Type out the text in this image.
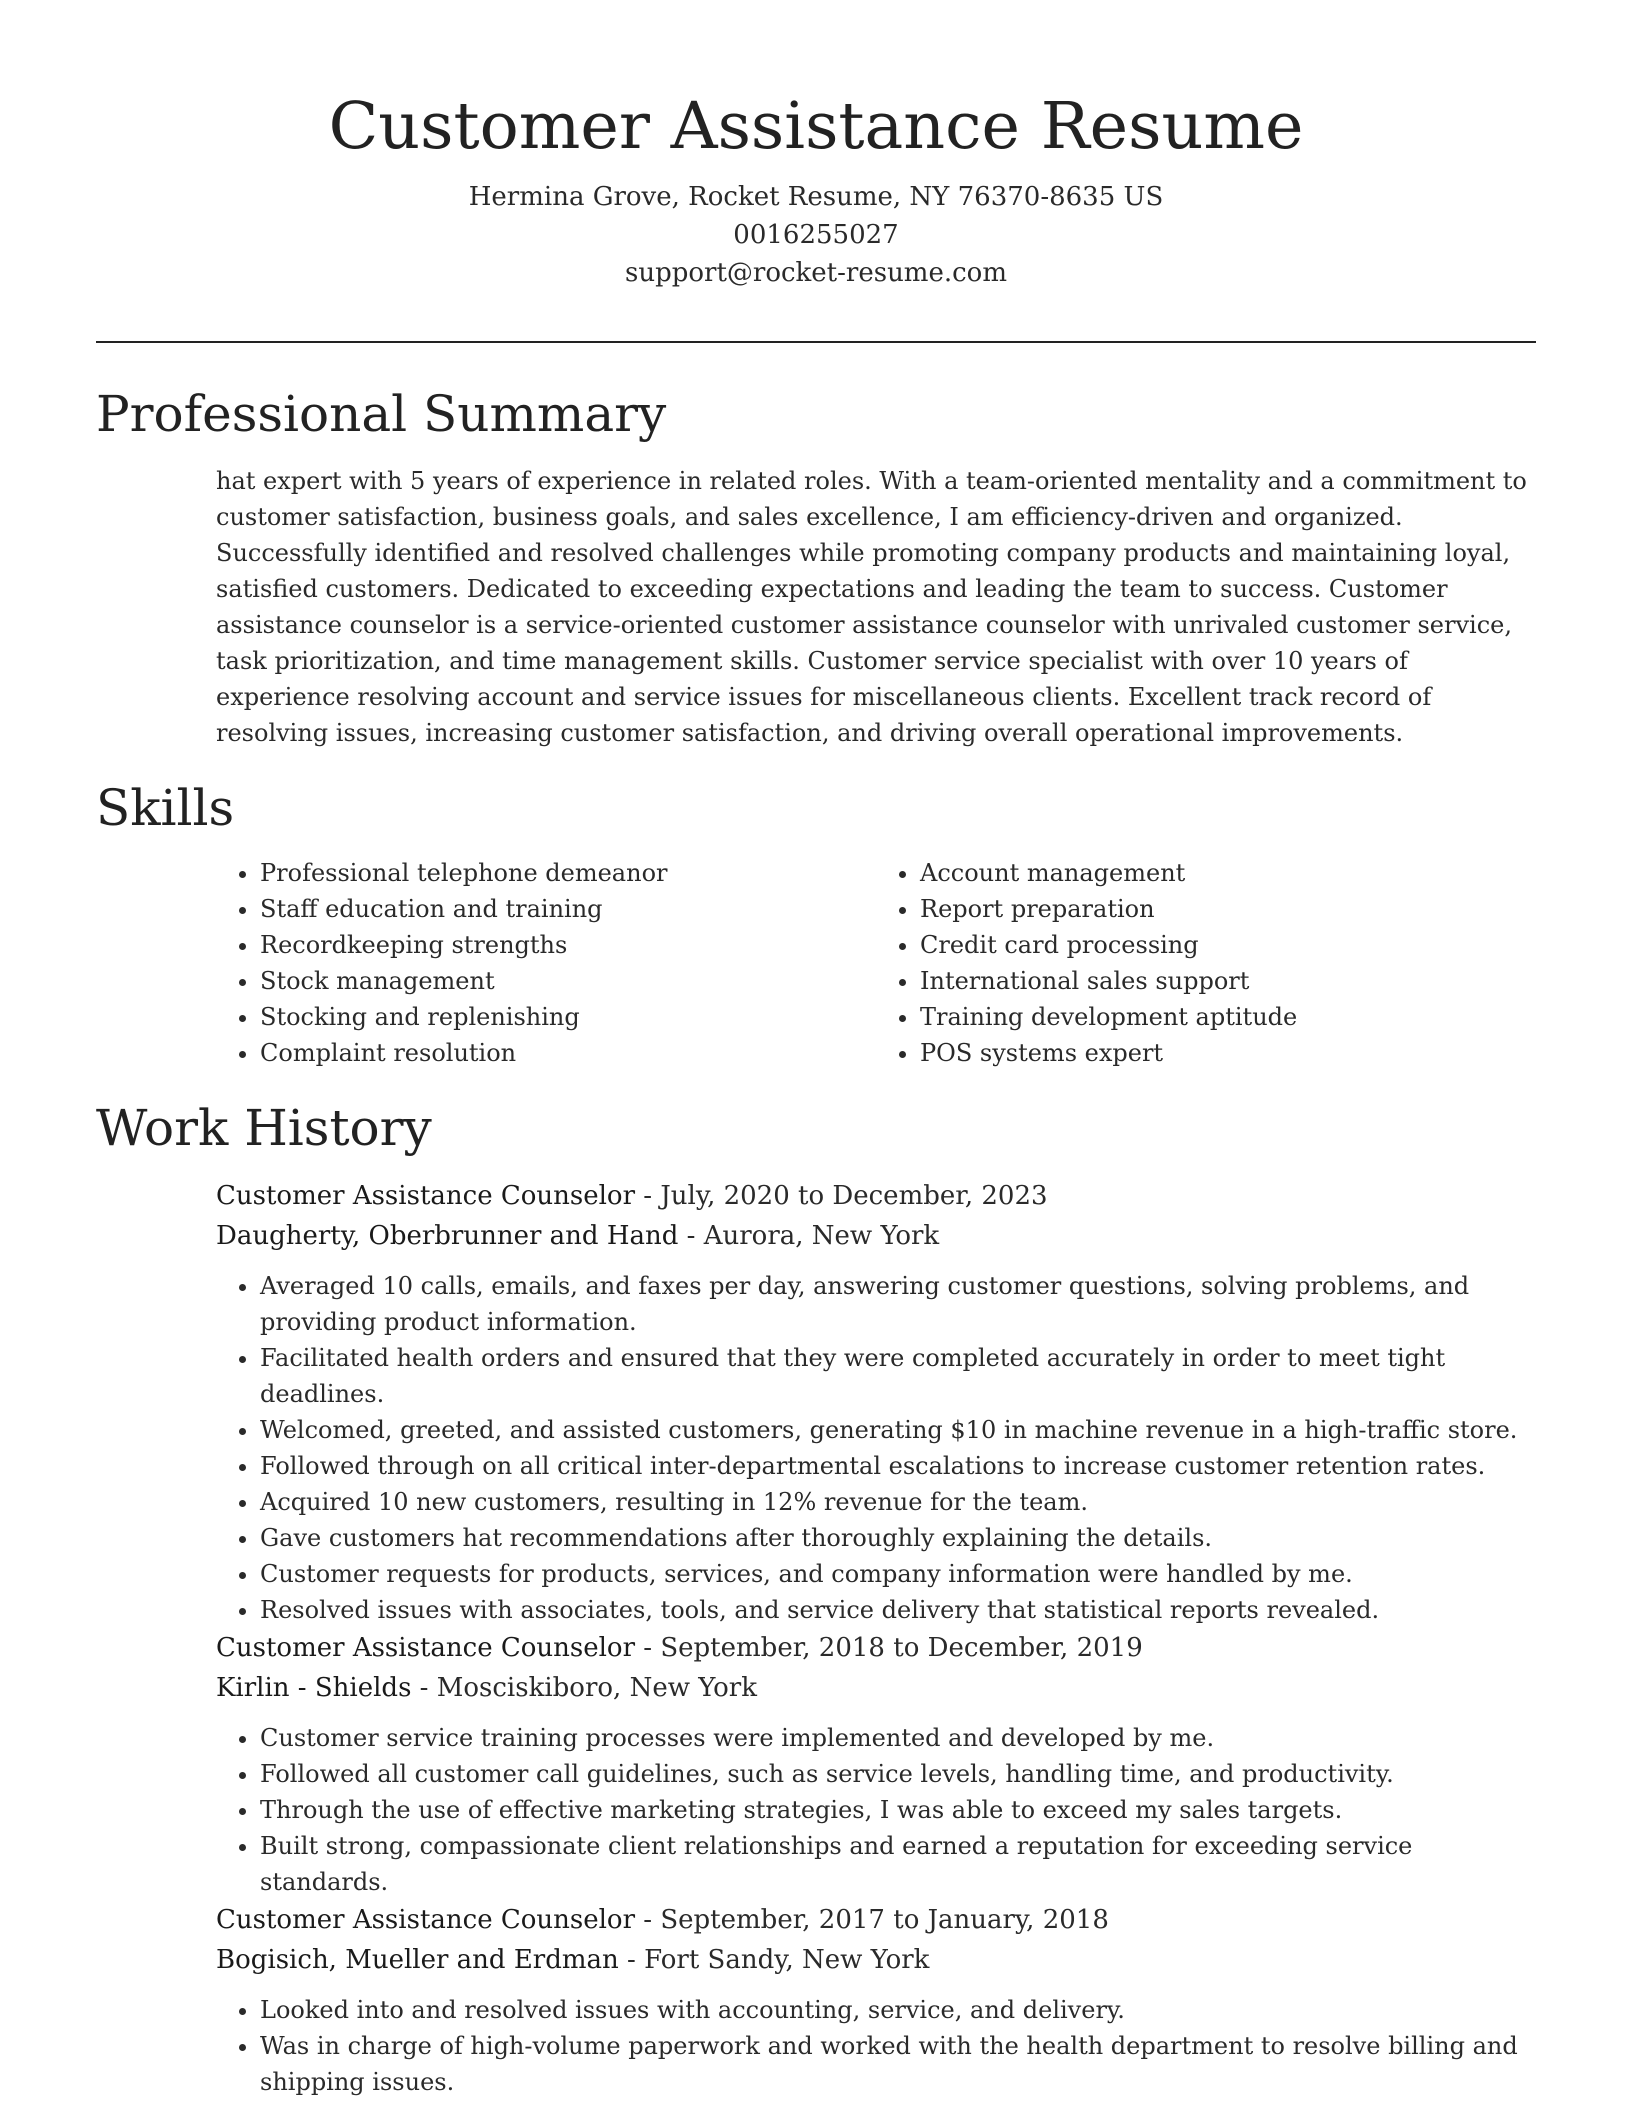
Customer Assistance Resume
Hermina Grove, Rocket Resume, NY 76370-8635 US
0016255027
support@rocket-resume.com
Professional Summary

hat expert with 5 years of experience in related roles. With a team-oriented mentality and a commitment to customer satisfaction, business goals, and sales excellence, I am efficiency-driven and organized. Successfully identified and resolved challenges while promoting company products and maintaining loyal, satisfied customers. Dedicated to exceeding expectations and leading the team to success. Customer assistance counselor is a service-oriented customer assistance counselor with unrivaled customer service, task prioritization, and time management skills. Customer service specialist with over 10 years of experience resolving account and service issues for miscellaneous clients. Excellent track record of resolving issues, increasing customer satisfaction, and driving overall operational improvements.

Skills
• Professional telephone demeanor
• Staff education and training
• Recordkeeping strengths
• Stock management
• Stocking and replenishing
• Complaint resolution
• Account management
• Report preparation
• Credit card processing
• International sales support
• Training development aptitude
• POS systems expert
Work History
Customer Assistance Counselor - July, 2020 to December, 2023
Daugherty, Oberbrunner and Hand - Aurora, New York
• Averaged 10 calls, emails, and faxes per day, answering customer questions, solving problems, and providing product information.
• Facilitated health orders and ensured that they were completed accurately in order to meet tight deadlines.
• Welcomed, greeted, and assisted customers, generating $10 in machine revenue in a high-traffic store.
• Followed through on all critical inter-departmental escalations to increase customer retention rates.
• Acquired 10 new customers, resulting in 12% revenue for the team.
• Gave customers hat recommendations after thoroughly explaining the details.
• Customer requests for products, services, and company information were handled by me.
• Resolved issues with associates, tools, and service delivery that statistical reports revealed.
Customer Assistance Counselor - September, 2018 to December, 2019
Kirlin - Shields - Mosciskiboro, New York
• Customer service training processes were implemented and developed by me.
• Followed all customer call guidelines, such as service levels, handling time, and productivity.
• Through the use of effective marketing strategies, I was able to exceed my sales targets.
• Built strong, compassionate client relationships and earned a reputation for exceeding service standards.
Customer Assistance Counselor - September, 2017 to January, 2018
Bogisich, Mueller and Erdman - Fort Sandy, New York
• Looked into and resolved issues with accounting, service, and delivery.
• Was in charge of high-volume paperwork and worked with the health department to resolve billing and shipping issues.
